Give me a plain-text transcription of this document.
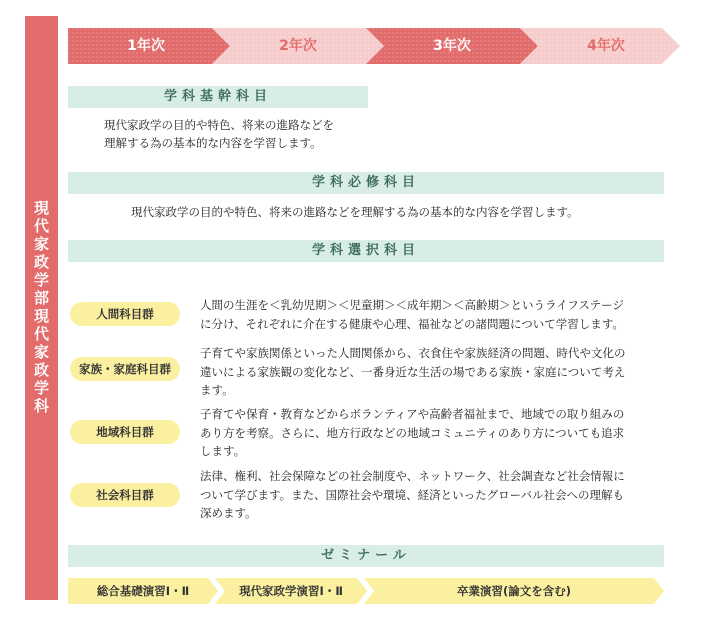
現代家政学部現代家政学科
1年次	2年次	3年次	4年次
学科基幹科目
現代家政学の目的や特色、将来の進路などを
理解する為の基本的な内容を学習します。
学科必修科目
現代家政学の目的や特色、将来の進路などを理解する為の基本的な内容を学習します。
学科選択科目
人間科目群
人間の生涯を＜乳幼児期＞＜児童期＞＜成年期＞＜高齢期＞というライフステージ
に分け、それぞれに介在する健康や心理、福祉などの諸問題について学習します。
家族・家庭科目群
子育てや家族関係といった人間関係から、衣食住や家族経済の問題、時代や文化の
違いによる家族観の変化など、一番身近な生活の場である家族・家庭について考え
ます。
地域科目群
子育てや保育・教育などからボランティアや高齢者福祉まで、地域での取り組みの
あり方を考察。さらに、地方行政などの地域コミュニティのあり方についても追求
します。
社会科目群
法律、権利、社会保障などの社会制度や、ネットワーク、社会調査など社会情報に
ついて学びます。また、国際社会や環境、経済といったグローバル社会への理解も
深めます。
ゼミナール
総合基礎演習Ⅰ・Ⅱ	現代家政学演習Ⅰ・Ⅱ	卒業演習(論文を含む)
